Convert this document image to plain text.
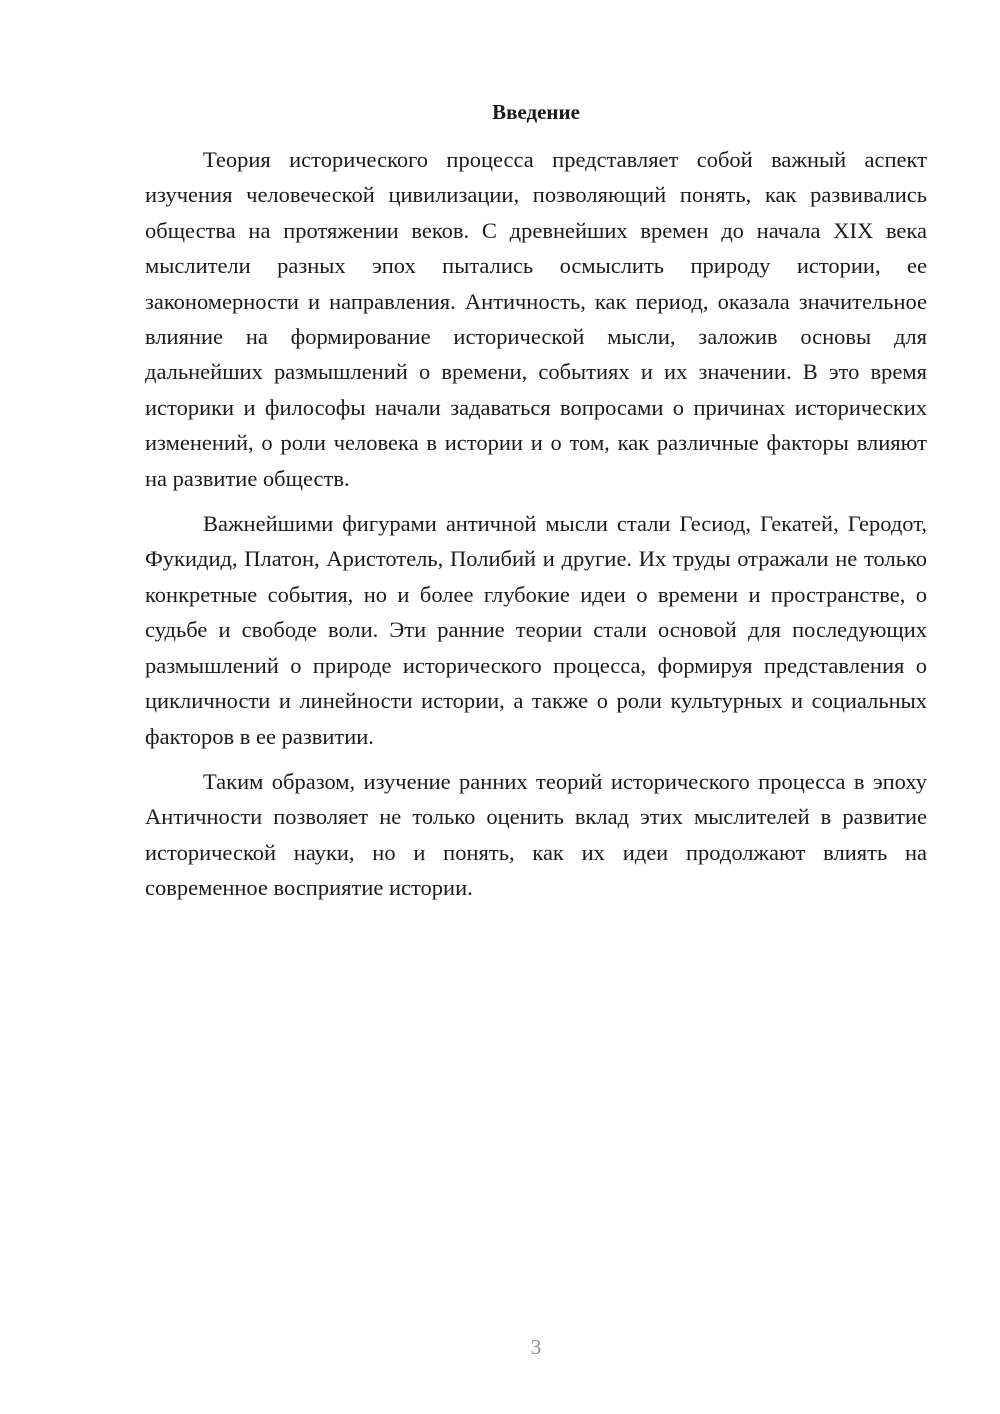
Введение

Теория исторического процесса представляет собой важный аспект изучения человеческой цивилизации, позволяющий понять, как развивались общества на протяжении веков. С древнейших времен до начала XIX века мыслители разных эпох пытались осмыслить природу истории, ее закономерности и направления. Античность, как период, оказала значительное влияние на формирование исторической мысли, заложив основы для дальнейших размышлений о времени, событиях и их значении. В это время историки и философы начали задаваться вопросами о причинах исторических изменений, о роли человека в истории и о том, как различные факторы влияют на развитие обществ.

Важнейшими фигурами античной мысли стали Гесиод, Гекатей, Геродот, Фукидид, Платон, Аристотель, Полибий и другие. Их труды отражали не только конкретные события, но и более глубокие идеи о времени и пространстве, о судьбе и свободе воли. Эти ранние теории стали основой для последующих размышлений о природе исторического процесса, формируя представления о цикличности и линейности истории, а также о роли культурных и социальных факторов в ее развитии.

Таким образом, изучение ранних теорий исторического процесса в эпоху Античности позволяет не только оценить вклад этих мыслителей в развитие исторической науки, но и понять, как их идеи продолжают влиять на современное восприятие истории.

3
